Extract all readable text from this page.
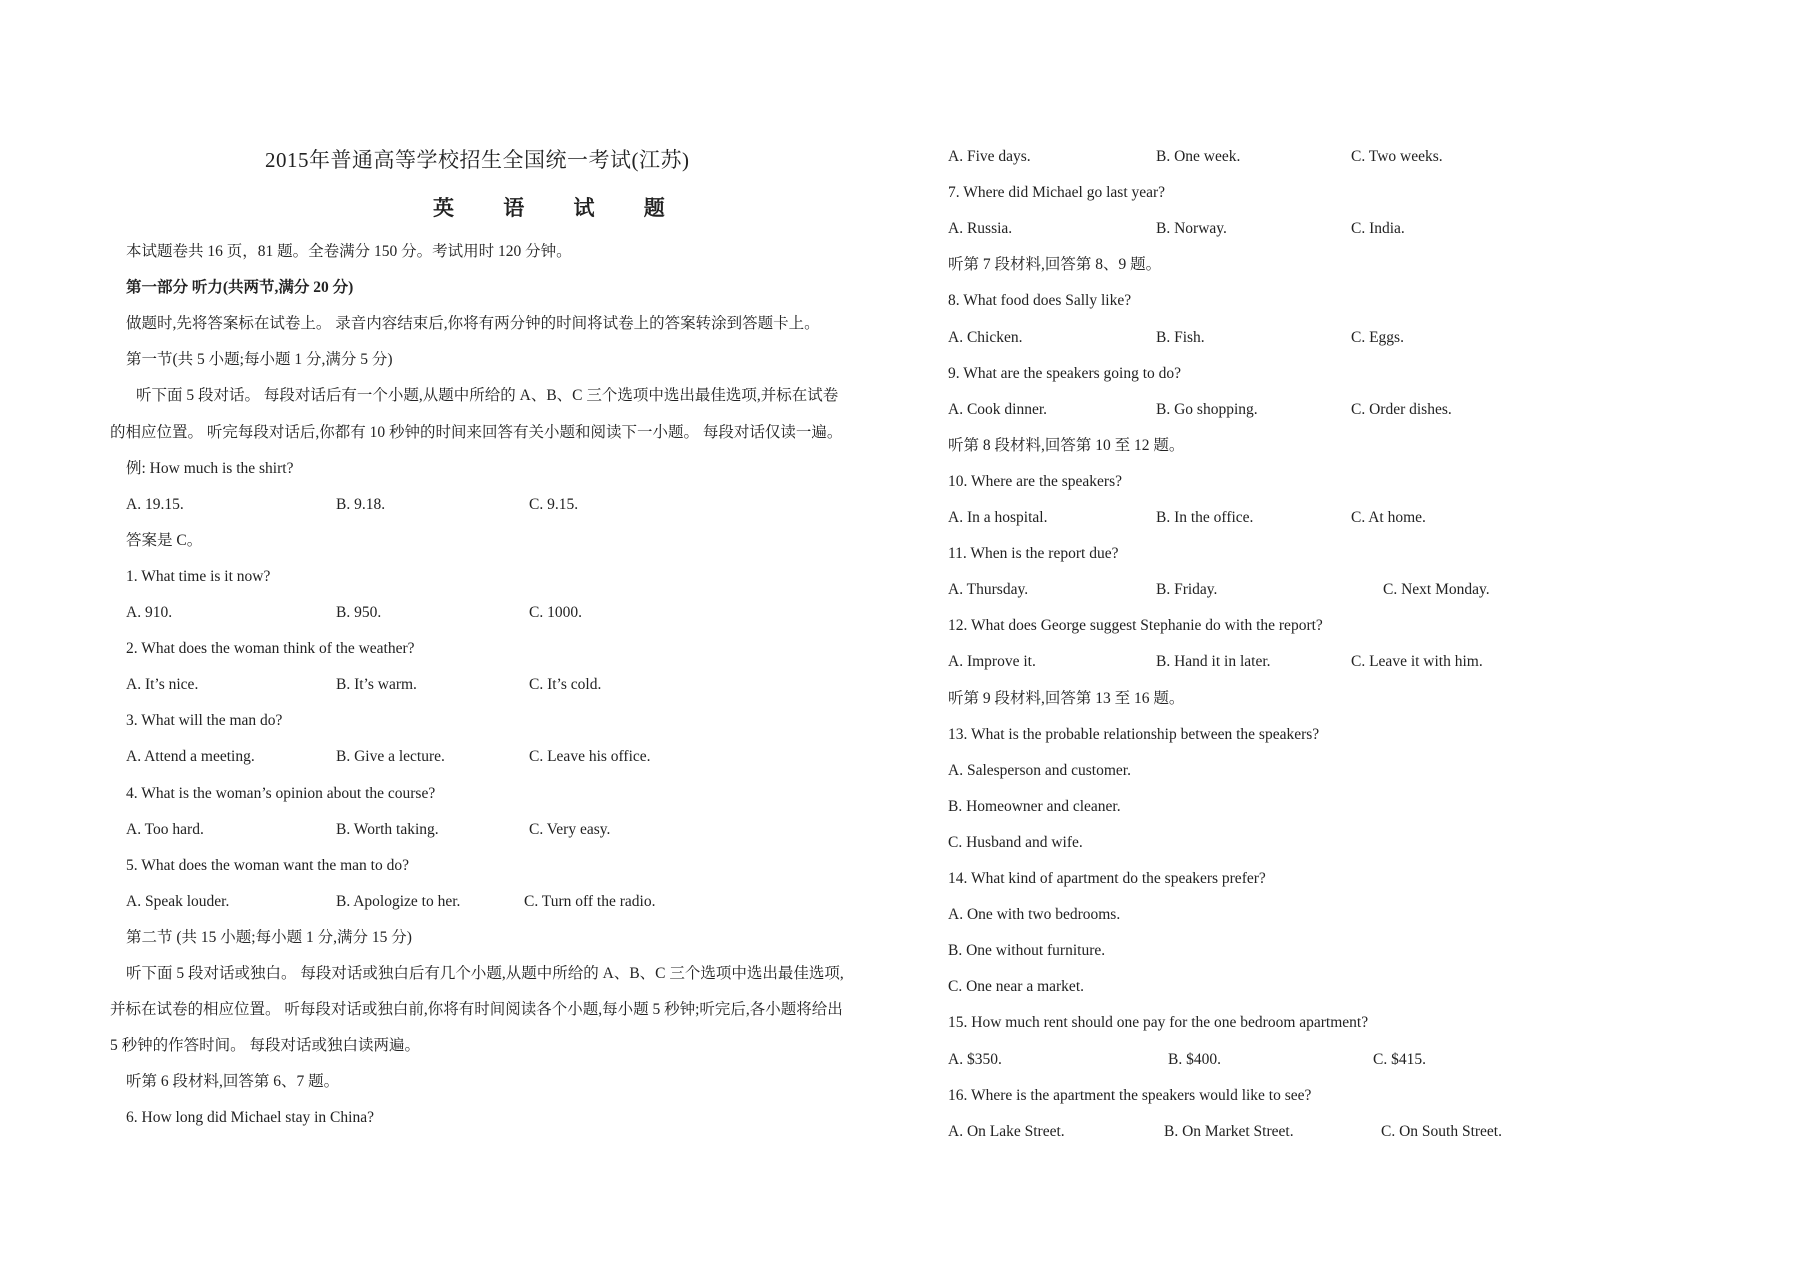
2015年普通高等学校招生全国统一考试(江苏)
英 语 试 题
本试题卷共 16 页，81 题。全卷满分 150 分。考试用时 120 分钟。
第一部分 听力(共两节,满分 20 分)
做题时,先将答案标在试卷上。 录音内容结束后,你将有两分钟的时间将试卷上的答案转涂到答题卡上。
第一节(共 5 小题;每小题 1 分,满分 5 分)
听下面 5 段对话。 每段对话后有一个小题,从题中所给的 A、B、C 三个选项中选出最佳选项,并标在试卷
的相应位置。 听完每段对话后,你都有 10 秒钟的时间来回答有关小题和阅读下一小题。 每段对话仅读一遍。
例: How much is the shirt?
A. 19.15.	B. 9.18.	C. 9.15.
答案是 C。
1. What time is it now?
A. 910.	B. 950.	C. 1000.
2. What does the woman think of the weather?
A. It’s nice.	B. It’s warm.	C. It’s cold.
3. What will the man do?
A. Attend a meeting.	B. Give a lecture.	C. Leave his office.
4. What is the woman’s opinion about the course?
A. Too hard.	B. Worth taking.	C. Very easy.
5. What does the woman want the man to do?
A. Speak louder.	B. Apologize to her.	C. Turn off the radio.
第二节 (共 15 小题;每小题 1 分,满分 15 分)
听下面 5 段对话或独白。 每段对话或独白后有几个小题,从题中所给的 A、B、C 三个选项中选出最佳选项,
并标在试卷的相应位置。 听每段对话或独白前,你将有时间阅读各个小题,每小题 5 秒钟;听完后,各小题将给出
5 秒钟的作答时间。 每段对话或独白读两遍。
听第 6 段材料,回答第 6、7 题。
6. How long did Michael stay in China?
A. Five days.	B. One week.	C. Two weeks.
7. Where did Michael go last year?
A. Russia.	B. Norway.	C. India.
听第 7 段材料,回答第 8、9 题。
8. What food does Sally like?
A. Chicken.	B. Fish.	C. Eggs.
9. What are the speakers going to do?
A. Cook dinner.	B. Go shopping.	C. Order dishes.
听第 8 段材料,回答第 10 至 12 题。
10. Where are the speakers?
A. In a hospital.	B. In the office.	C. At home.
11. When is the report due?
A. Thursday.	B. Friday.	C. Next Monday.
12. What does George suggest Stephanie do with the report?
A. Improve it.	B. Hand it in later.	C. Leave it with him.
听第 9 段材料,回答第 13 至 16 题。
13. What is the probable relationship between the speakers?
A. Salesperson and customer.
B. Homeowner and cleaner.
C. Husband and wife.
14. What kind of apartment do the speakers prefer?
A. One with two bedrooms.
B. One without furniture.
C. One near a market.
15. How much rent should one pay for the one bedroom apartment?
A. $350.	B. $400.	C. $415.
16. Where is the apartment the speakers would like to see?
A. On Lake Street.	B. On Market Street.	C. On South Street.
